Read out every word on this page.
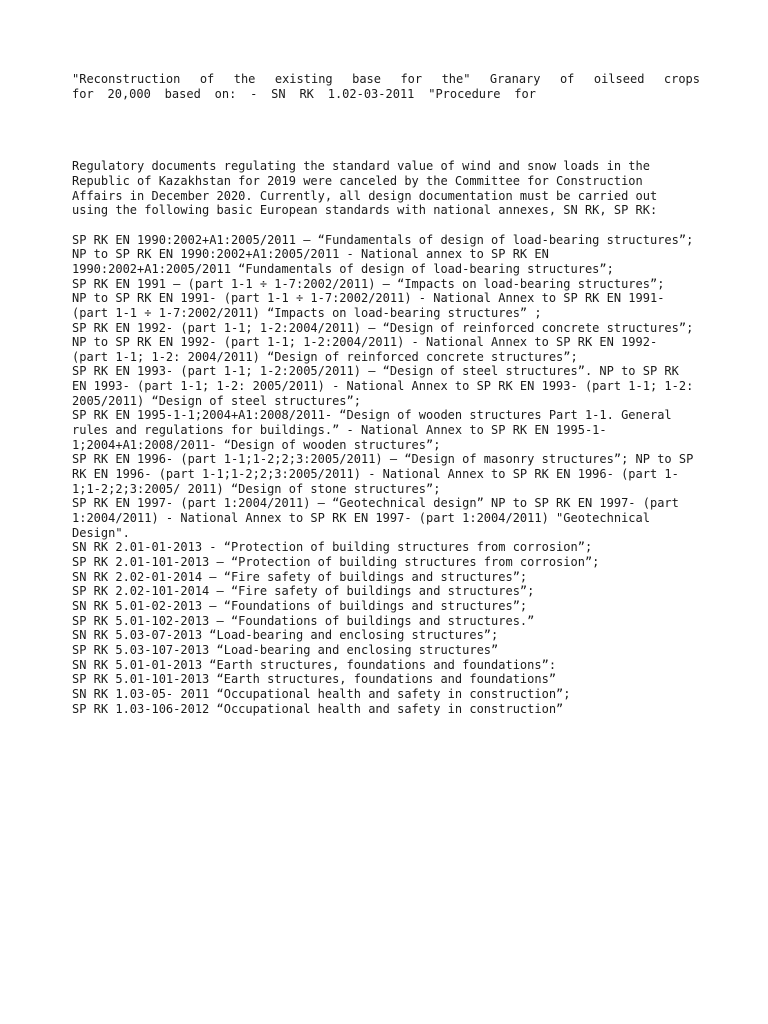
"Reconstruction of the existing base for the" Granary of oilseed crops
for 20,000 based on: - SN RK 1.02-03-2011 "Procedure for

Regulatory documents regulating the standard value of wind and snow loads in the Republic of Kazakhstan for 2019 were canceled by the Committee for Construction Affairs in December 2020. Currently, all design documentation must be carried out using the following basic European standards with national annexes, SN RK, SP RK:

SP RK EN 1990:2002+A1:2005/2011 – “Fundamentals of design of load-bearing structures”;
NP to SP RK EN 1990:2002+A1:2005/2011 - National annex to SP RK EN 1990:2002+A1:2005/2011 “Fundamentals of design of load-bearing structures”;
SP RK EN 1991 – (part 1-1 ÷ 1-7:2002/2011) – “Impacts on load-bearing structures”;
NP to SP RK EN 1991- (part 1-1 ÷ 1-7:2002/2011) - National Annex to SP RK EN 1991- (part 1-1 ÷ 1-7:2002/2011) “Impacts on load-bearing structures” ;
SP RK EN 1992- (part 1-1; 1-2:2004/2011) – “Design of reinforced concrete structures”;
NP to SP RK EN 1992- (part 1-1; 1-2:2004/2011) - National Annex to SP RK EN 1992- (part 1-1; 1-2: 2004/2011) “Design of reinforced concrete structures”;
SP RK EN 1993- (part 1-1; 1-2:2005/2011) – “Design of steel structures”. NP to SP RK EN 1993- (part 1-1; 1-2: 2005/2011) - National Annex to SP RK EN 1993- (part 1-1; 1-2: 2005/2011) “Design of steel structures”;
SP RK EN 1995-1-1;2004+A1:2008/2011- “Design of wooden structures Part 1-1. General rules and regulations for buildings.” - National Annex to SP RK EN 1995-1-1;2004+A1:2008/2011- “Design of wooden structures”;
SP RK EN 1996- (part 1-1;1-2;2;3:2005/2011) – “Design of masonry structures”; NP to SP RK EN 1996- (part 1-1;1-2;2;3:2005/2011) - National Annex to SP RK EN 1996- (part 1-1;1-2;2;3:2005/ 2011) “Design of stone structures”;
SP RK EN 1997- (part 1:2004/2011) – “Geotechnical design” NP to SP RK EN 1997- (part 1:2004/2011) - National Annex to SP RK EN 1997- (part 1:2004/2011) "Geotechnical Design".
SN RK 2.01-01-2013 - “Protection of building structures from corrosion”;
SP RK 2.01-101-2013 – “Protection of building structures from corrosion”;
SN RK 2.02-01-2014 – “Fire safety of buildings and structures”;
SP RK 2.02-101-2014 – “Fire safety of buildings and structures”;
SN RK 5.01-02-2013 – “Foundations of buildings and structures”;
SP RK 5.01-102-2013 – “Foundations of buildings and structures.”
SN RK 5.03-07-2013 “Load-bearing and enclosing structures”;
SP RK 5.03-107-2013 “Load-bearing and enclosing structures”
SN RK 5.01-01-2013 “Earth structures, foundations and foundations”:
SP RK 5.01-101-2013 “Earth structures, foundations and foundations”
SN RK 1.03-05- 2011 “Occupational health and safety in construction”;
SP RK 1.03-106-2012 “Occupational health and safety in construction”
